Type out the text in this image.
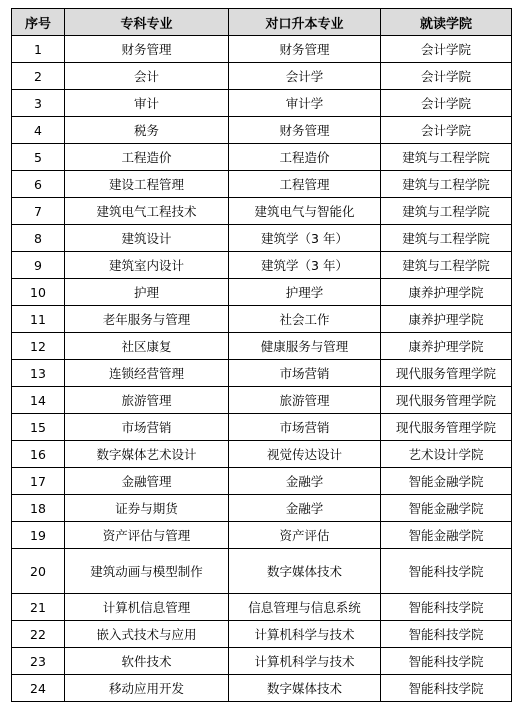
序号	专科专业	对口升本专业	就读学院
1	财务管理	财务管理	会计学院
2	会计	会计学	会计学院
3	审计	审计学	会计学院
4	税务	财务管理	会计学院
5	工程造价	工程造价	建筑与工程学院
6	建设工程管理	工程管理	建筑与工程学院
7	建筑电气工程技术	建筑电气与智能化	建筑与工程学院
8	建筑设计	建筑学（3 年）	建筑与工程学院
9	建筑室内设计	建筑学（3 年）	建筑与工程学院
10	护理	护理学	康养护理学院
11	老年服务与管理	社会工作	康养护理学院
12	社区康复	健康服务与管理	康养护理学院
13	连锁经营管理	市场营销	现代服务管理学院
14	旅游管理	旅游管理	现代服务管理学院
15	市场营销	市场营销	现代服务管理学院
16	数字媒体艺术设计	视觉传达设计	艺术设计学院
17	金融管理	金融学	智能金融学院
18	证券与期货	金融学	智能金融学院
19	资产评估与管理	资产评估	智能金融学院
20	建筑动画与模型制作	数字媒体技术	智能科技学院
21	计算机信息管理	信息管理与信息系统	智能科技学院
22	嵌入式技术与应用	计算机科学与技术	智能科技学院
23	软件技术	计算机科学与技术	智能科技学院
24	移动应用开发	数字媒体技术	智能科技学院
